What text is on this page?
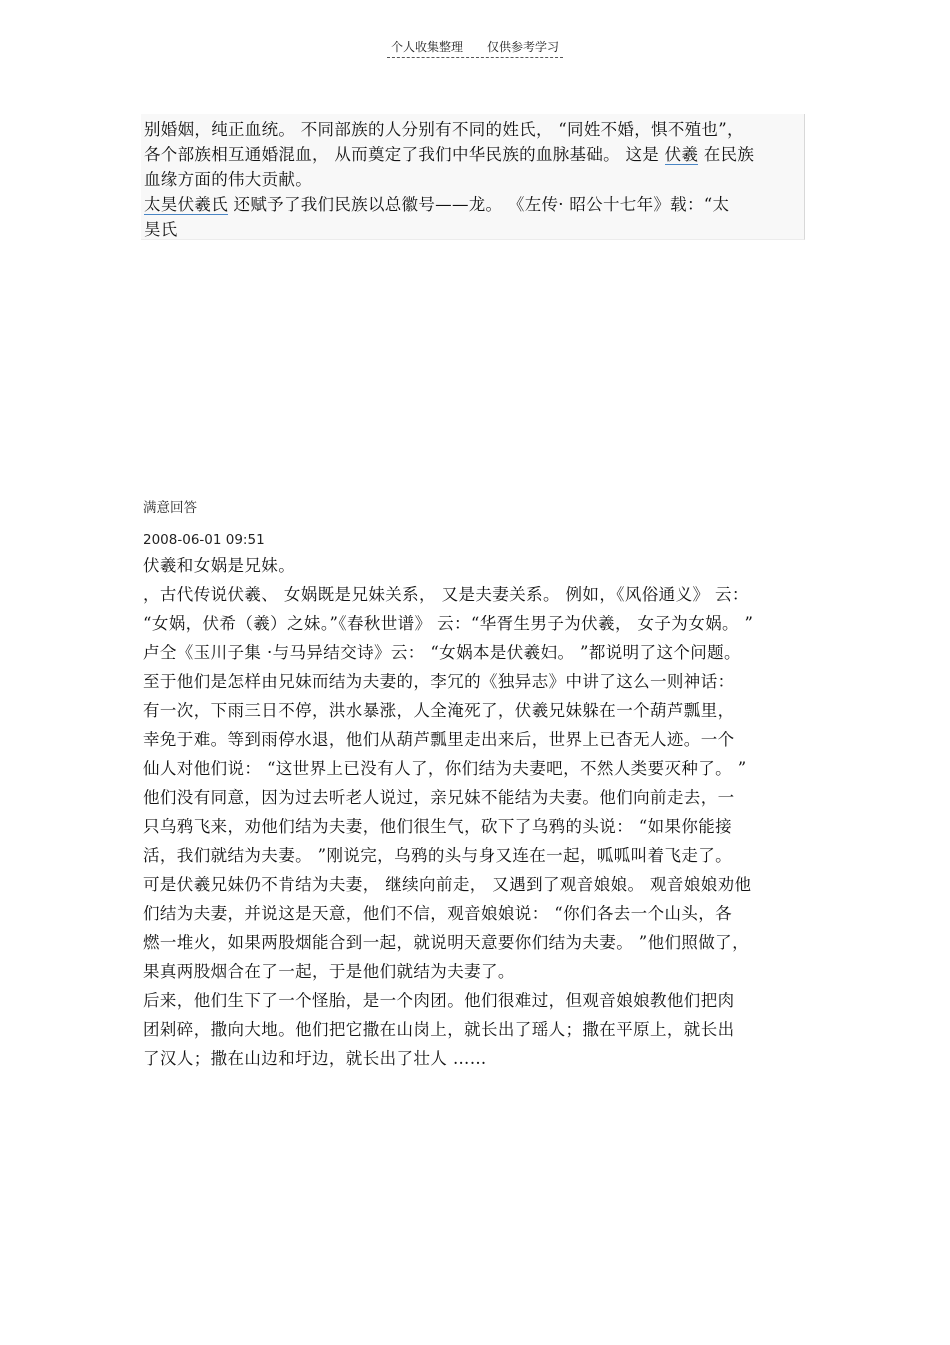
个人收集整理 仅供参考学习
别婚姻，纯正血统。 不同部族的人分别有不同的姓氏， “同姓不婚，惧不殖也”，
各个部族相互通婚混血， 从而奠定了我们中华民族的血脉基础。 这是 伏羲 在民族
血缘方面的伟大贡献。
太昊伏羲氏 还赋予了我们民族以总徽号——龙。 《左传· 昭公十七年》载：“太
昊氏
满意回答
2008-06-01 09:51
伏羲和女娲是兄妹。
，古代传说伏羲、 女娲既是兄妹关系， 又是夫妻关系。 例如，《风俗通义》 云：
“女娲，伏希（羲）之妹。”《春秋世谱》 云：“华胥生男子为伏羲， 女子为女娲。 ”
卢仝《玉川子集 ·与马异结交诗》云： “女娲本是伏羲妇。 ”都说明了这个问题。
至于他们是怎样由兄妹而结为夫妻的，李冗的《独异志》中讲了这么一则神话：
有一次，下雨三日不停，洪水暴涨，人全淹死了，伏羲兄妹躲在一个葫芦瓢里，
幸免于难。等到雨停水退，他们从葫芦瓢里走出来后，世界上已杳无人迹。一个
仙人对他们说： “这世界上已没有人了，你们结为夫妻吧，不然人类要灭种了。 ”
他们没有同意，因为过去听老人说过，亲兄妹不能结为夫妻。他们向前走去，一
只乌鸦飞来，劝他们结为夫妻，他们很生气，砍下了乌鸦的头说： “如果你能接
活，我们就结为夫妻。 ”刚说完，乌鸦的头与身又连在一起，呱呱叫着飞走了。
可是伏羲兄妹仍不肯结为夫妻， 继续向前走， 又遇到了观音娘娘。 观音娘娘劝他
们结为夫妻，并说这是天意，他们不信，观音娘娘说： “你们各去一个山头，各
燃一堆火，如果两股烟能合到一起，就说明天意要你们结为夫妻。 ”他们照做了，
果真两股烟合在了一起，于是他们就结为夫妻了。
后来，他们生下了一个怪胎，是一个肉团。他们很难过，但观音娘娘教他们把肉
团剁碎，撒向大地。他们把它撒在山岗上，就长出了瑶人；撒在平原上，就长出
了汉人；撒在山边和圩边，就长出了壮人 ……
